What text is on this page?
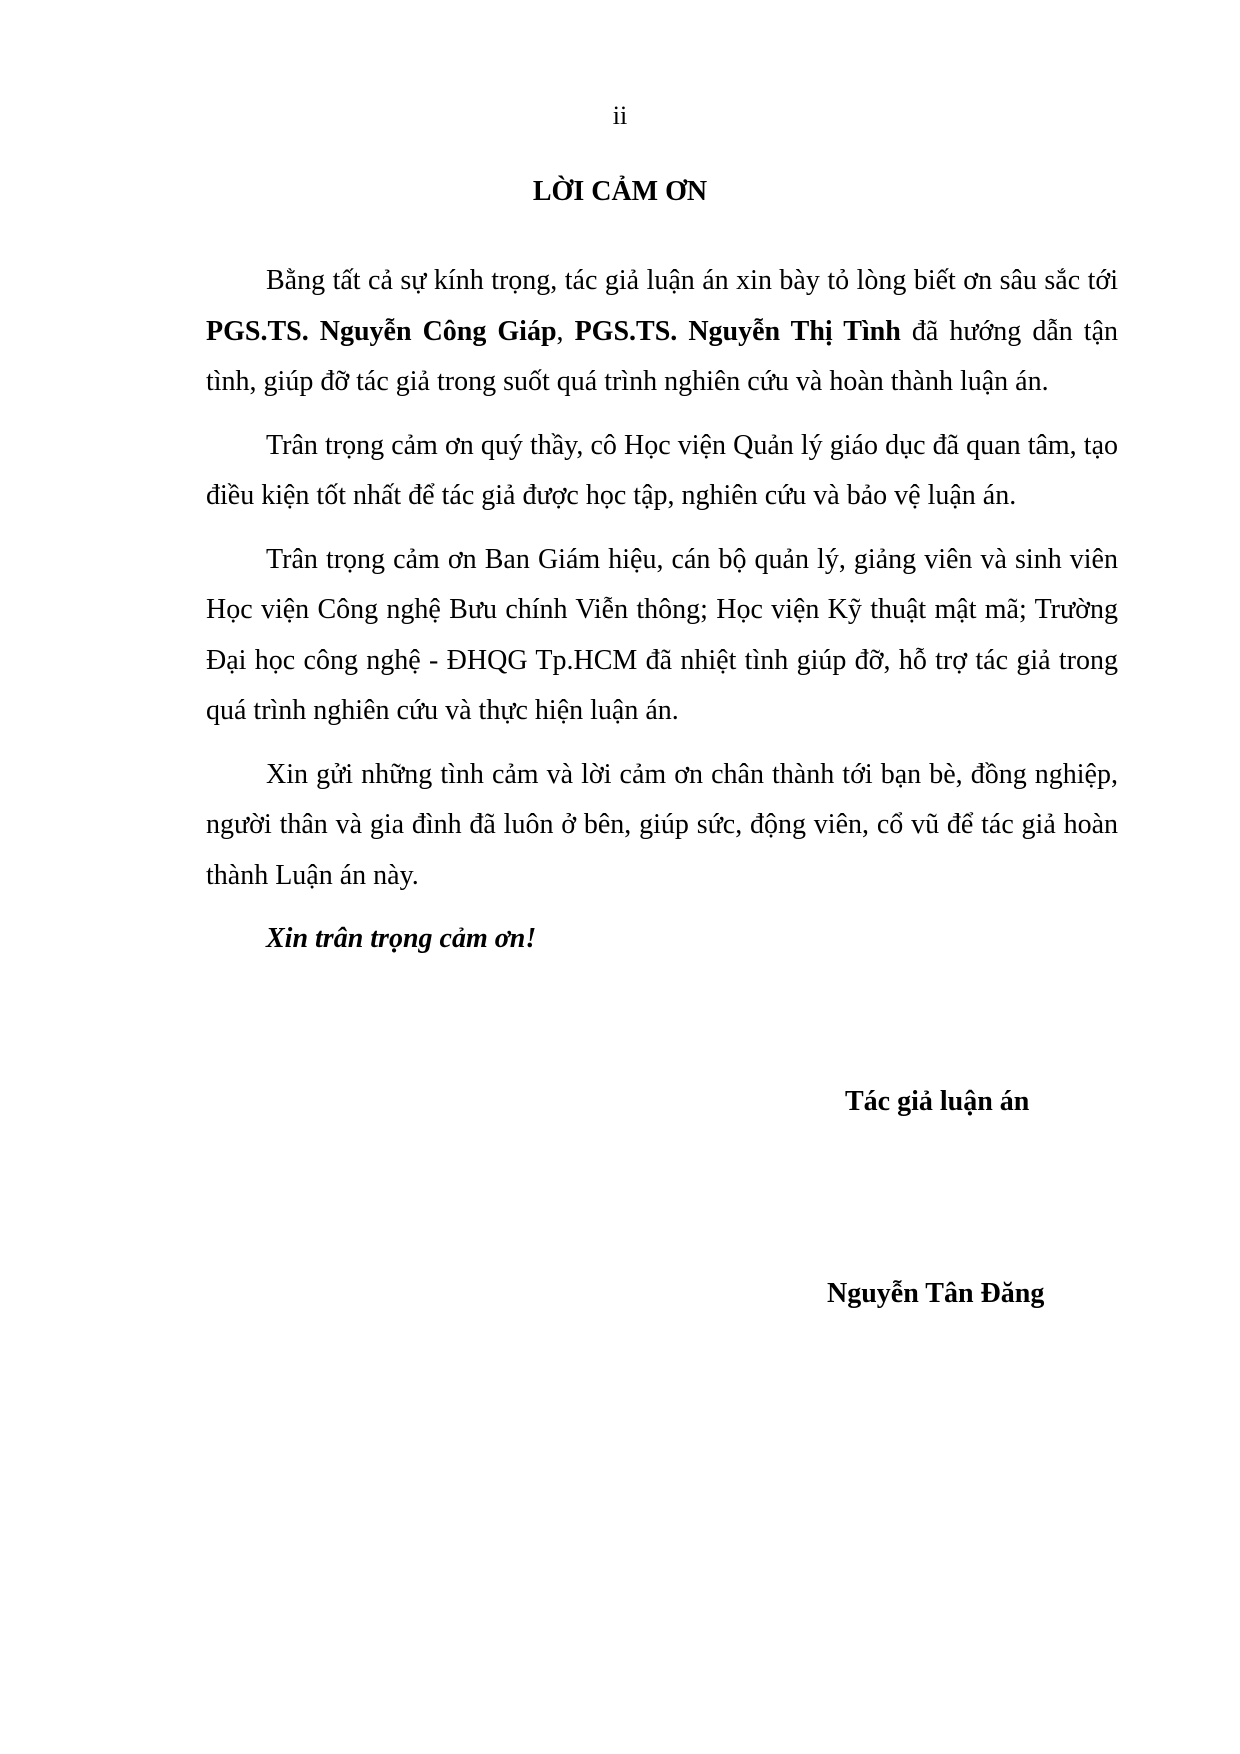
ii
LỜI CẢM ƠN

Bằng tất cả sự kính trọng, tác giả luận án xin bày tỏ lòng biết ơn sâu sắc tới PGS.TS. Nguyễn Công Giáp, PGS.TS. Nguyễn Thị Tình đã hướng dẫn tận tình, giúp đỡ tác giả trong suốt quá trình nghiên cứu và hoàn thành luận án.

Trân trọng cảm ơn quý thầy, cô Học viện Quản lý giáo dục đã quan tâm, tạo điều kiện tốt nhất để tác giả được học tập, nghiên cứu và bảo vệ luận án.

Trân trọng cảm ơn Ban Giám hiệu, cán bộ quản lý, giảng viên và sinh viên Học viện Công nghệ Bưu chính Viễn thông; Học viện Kỹ thuật mật mã; Trường Đại học công nghệ - ĐHQG Tp.HCM đã nhiệt tình giúp đỡ, hỗ trợ tác giả trong quá trình nghiên cứu và thực hiện luận án.

Xin gửi những tình cảm và lời cảm ơn chân thành tới bạn bè, đồng nghiệp, người thân và gia đình đã luôn ở bên, giúp sức, động viên, cổ vũ để tác giả hoàn thành Luận án này.

Xin trân trọng cảm ơn!

Tác giả luận án
Nguyễn Tân Đăng
